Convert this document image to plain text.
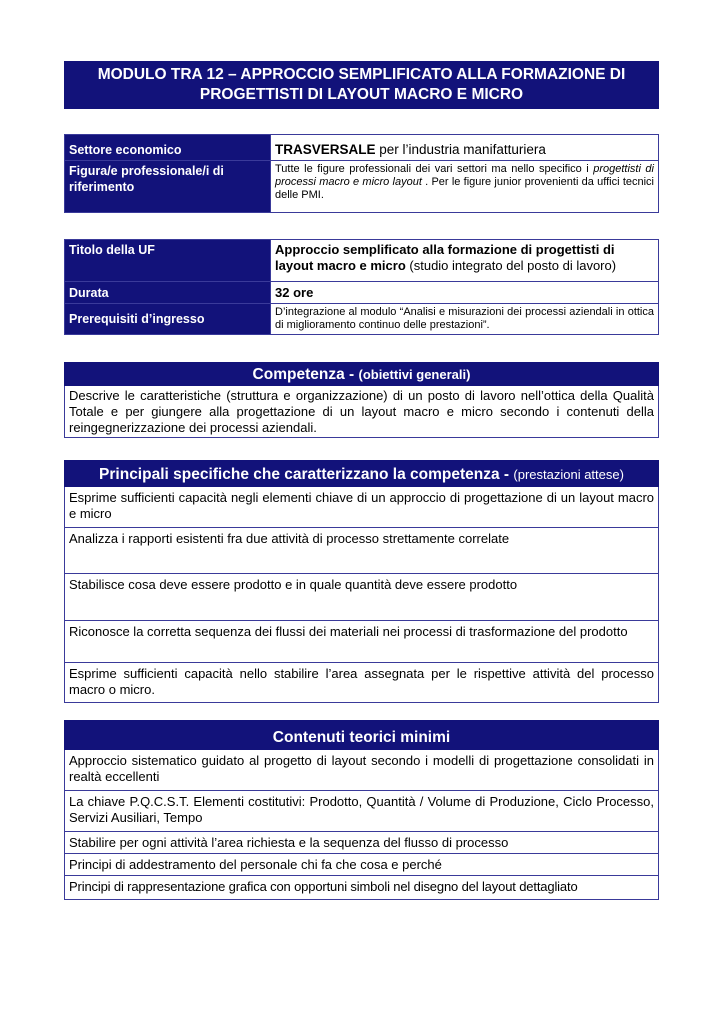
MODULO TRA 12 – APPROCCIO SEMPLIFICATO ALLA FORMAZIONE DI PROGETTISTI DI LAYOUT MACRO E MICRO
Settore economico	TRASVERSALE per l’industria manifatturiera
Figura/e professionale/i di riferimento	Tutte le figure professionali dei vari settori ma nello specifico i progettisti di processi macro e micro layout . Per le figure junior provenienti da uffici tecnici delle PMI.
Titolo della UF	Approccio semplificato alla formazione di progettisti di layout macro e micro (studio integrato del posto di lavoro)
Durata	32 ore
Prerequisiti d’ingresso	D’integrazione al modulo “Analisi e misurazioni dei processi aziendali in ottica di miglioramento continuo delle prestazioni”.
Competenza - (obiettivi generali)
Descrive le caratteristiche (struttura e organizzazione) di un posto di lavoro nell’ottica della Qualità Totale e per giungere alla progettazione di un layout macro e micro secondo i contenuti della reingegnerizzazione dei processi aziendali.
Principali specifiche che caratterizzano la competenza - (prestazioni attese)
Esprime sufficienti capacità negli elementi chiave di un approccio di progettazione di un layout macro e micro
Analizza i rapporti esistenti fra due attività di processo strettamente correlate
Stabilisce cosa deve essere prodotto e in quale quantità deve essere prodotto
Riconosce la corretta sequenza dei flussi dei materiali nei processi di trasformazione del prodotto
Esprime sufficienti capacità nello stabilire l’area assegnata per le rispettive attività del processo macro o micro.
Contenuti teorici minimi
Approccio sistematico guidato al progetto di layout secondo i modelli di progettazione consolidati in realtà eccellenti
La chiave P.Q.C.S.T. Elementi costitutivi: Prodotto, Quantità / Volume di Produzione, Ciclo Processo, Servizi Ausiliari, Tempo
Stabilire per ogni attività l’area richiesta e la sequenza del flusso di processo
Principi di addestramento del personale chi fa che cosa e perché
Principi di rappresentazione grafica con opportuni simboli nel disegno del layout dettagliato
